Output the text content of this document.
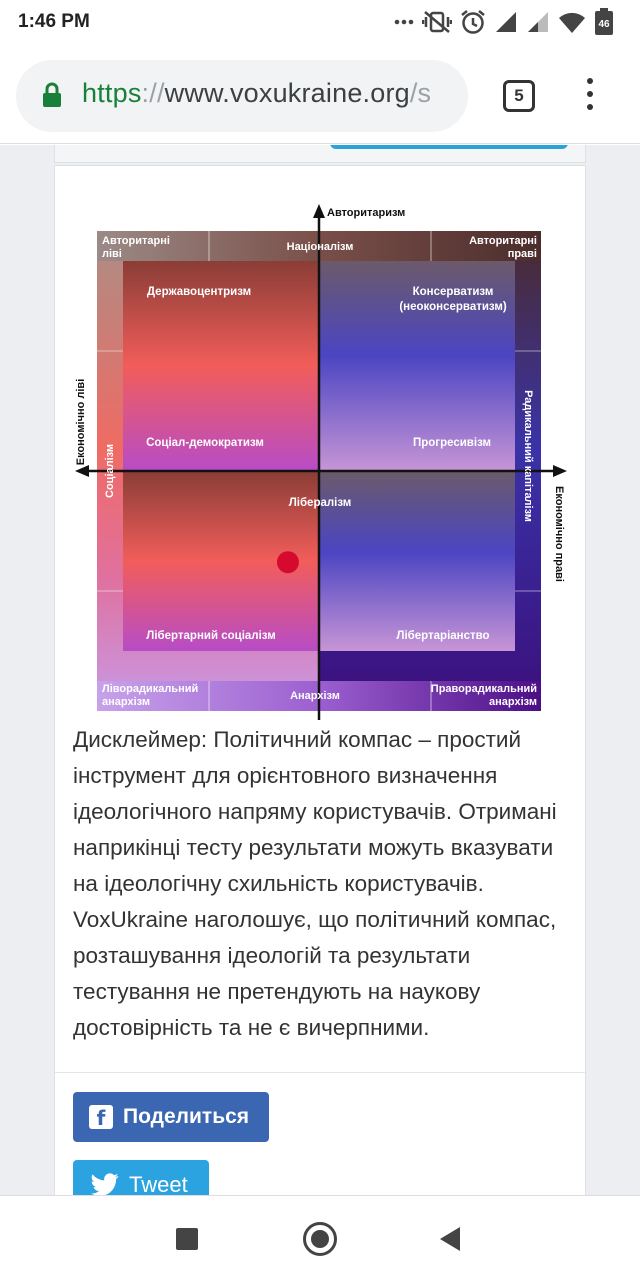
1:46 PM	46
https://www.voxukraine.org/s	5
Авторитаризм
Економічно ліві
Економічно праві
Авторитарні ліві
Націоналізм	Авторитарні праві
Соціалізм	Радикальний капіталізм
Ліворадикальний анархізм	Анархізм
Праворадикальний анархізм
Державоцентризм	Консерватизм (неоконсерватизм)
Соціал-демократизм	Прогресивізм
Лібералізм
Лібертарний соціалізм	Лібертаріанство
Дисклеймер: Політичний компас – простий інструмент для орієнтовного визначення ідеологічного напряму користувачів. Отримані наприкінці тесту результати можуть вказувати на ідеологічну схильність користувачів. VoxUkraine наголошує, що політичний компас, розташування ідеологій та результати тестування не претендують на наукову достовірність та не є вичерпними.
f Поделиться
Tweet
